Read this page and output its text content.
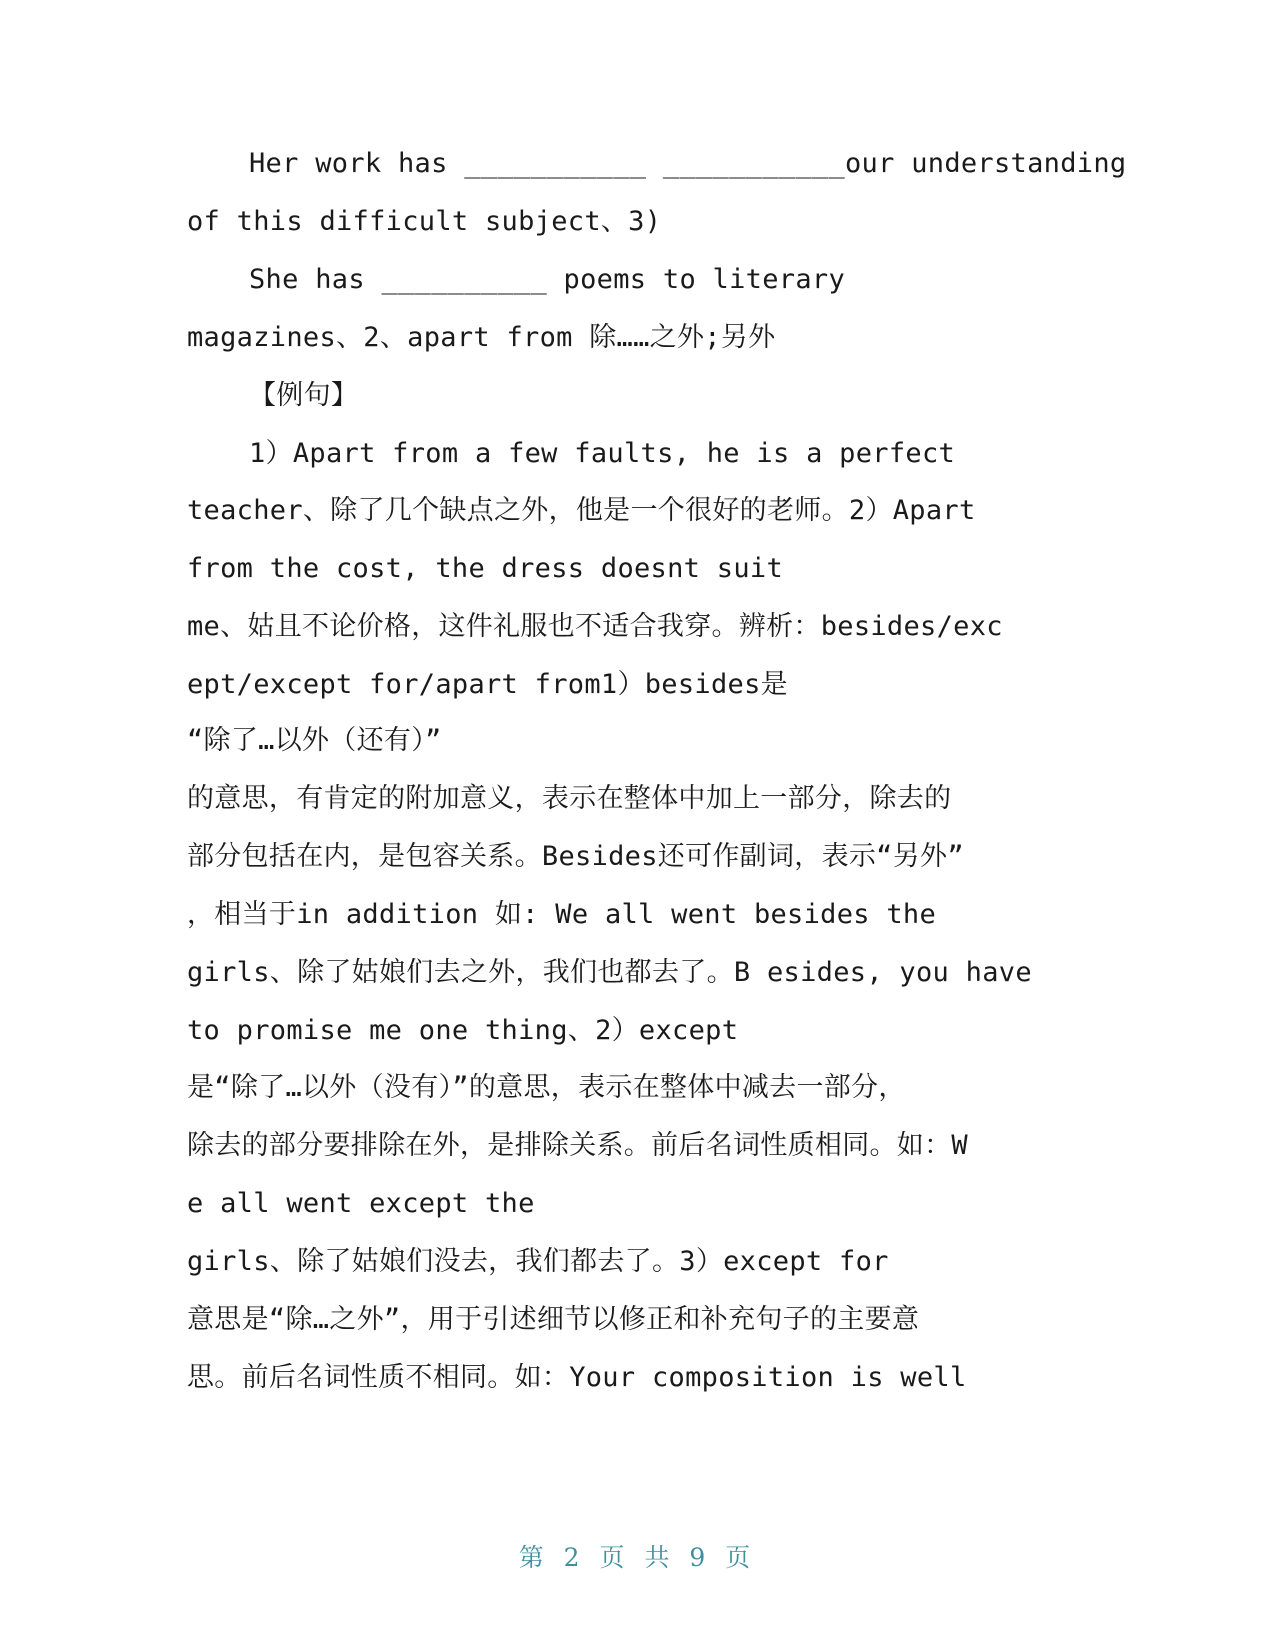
Her work has ___________ ___________our understanding
of this difficult subject、3)
She has __________ poems to literary
magazines、2、apart from 除……之外;另外
【例句】
1）Apart from a few faults, he is a perfect
teacher、除了几个缺点之外，他是一个很好的老师。2）Apart
from the cost, the dress doesnt suit
me、姑且不论价格，这件礼服也不适合我穿。辨析：besides/exc
ept/except for/apart from1）besides是
“除了…以外（还有）”
的意思，有肯定的附加意义，表示在整体中加上一部分，除去的
部分包括在内，是包容关系。Besides还可作副词，表示“另外”
，相当于in addition 如: We all went besides the
girls、除了姑娘们去之外，我们也都去了。B esides, you have
to promise me one thing、2）except
是“除了…以外（没有）”的意思，表示在整体中减去一部分，
除去的部分要排除在外，是排除关系。前后名词性质相同。如：W
e all went except the
girls、除了姑娘们没去，我们都去了。3）except for
意思是“除…之外”，用于引述细节以修正和补充句子的主要意
思。前后名词性质不相同。如：Your composition is well
第 2 页 共 9 页
